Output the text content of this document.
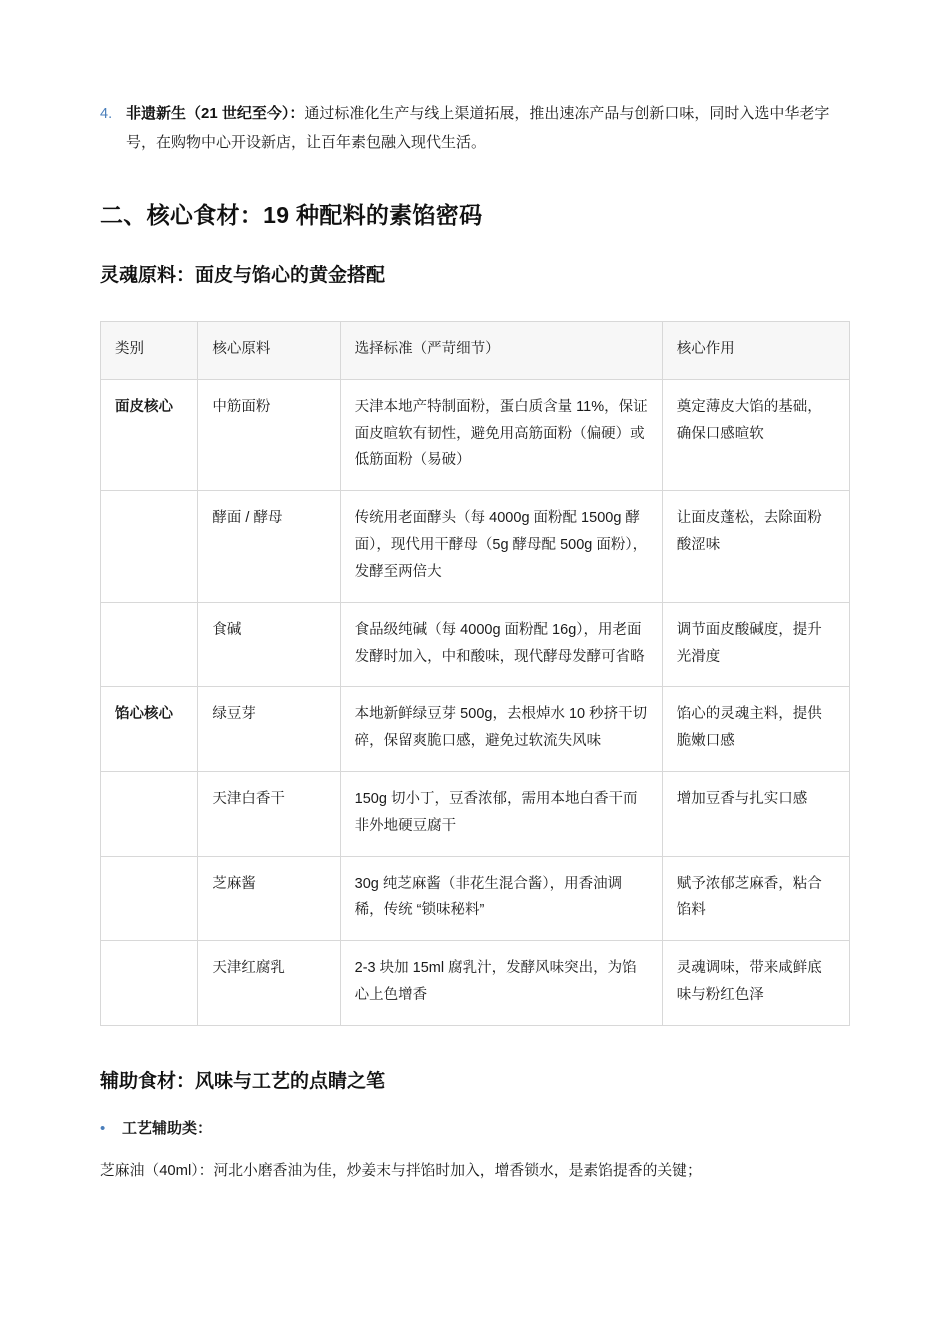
4. 非遗新生（21 世纪至今）：通过标准化生产与线上渠道拓展，推出速冻产品与创新口味，同时入选中华老字号，在购物中心开设新店，让百年素包融入现代生活。
二、核心食材：19 种配料的素馅密码
灵魂原料：面皮与馅心的黄金搭配
类别	核心原料	选择标准（严苛细节）	核心作用
面皮核心	中筋面粉	天津本地产特制面粉，蛋白质含量 11%，保证面皮暄软有韧性，避免用高筋面粉（偏硬）或低筋面粉（易破）	奠定薄皮大馅的基础，确保口感暄软
	酵面 / 酵母	传统用老面酵头（每 4000g 面粉配 1500g 酵面），现代用干酵母（5g 酵母配 500g 面粉），发酵至两倍大	让面皮蓬松，去除面粉酸涩味
	食碱	食品级纯碱（每 4000g 面粉配 16g），用老面发酵时加入，中和酸味，现代酵母发酵可省略	调节面皮酸碱度，提升光滑度
馅心核心	绿豆芽	本地新鲜绿豆芽 500g，去根焯水 10 秒挤干切碎，保留爽脆口感，避免过软流失风味	馅心的灵魂主料，提供脆嫩口感
	天津白香干	150g 切小丁，豆香浓郁，需用本地白香干而非外地硬豆腐干	增加豆香与扎实口感
	芝麻酱	30g 纯芝麻酱（非花生混合酱），用香油调稀，传统 “锁味秘料”	赋予浓郁芝麻香，粘合馅料
	天津红腐乳	2-3 块加 15ml 腐乳汁，发酵风味突出，为馅心上色增香	灵魂调味，带来咸鲜底味与粉红色泽
辅助食材：风味与工艺的点睛之笔
•	工艺辅助类：

芝麻油（40ml）：河北小磨香油为佳，炒姜末与拌馅时加入，增香锁水，是素馅提香的关键；
